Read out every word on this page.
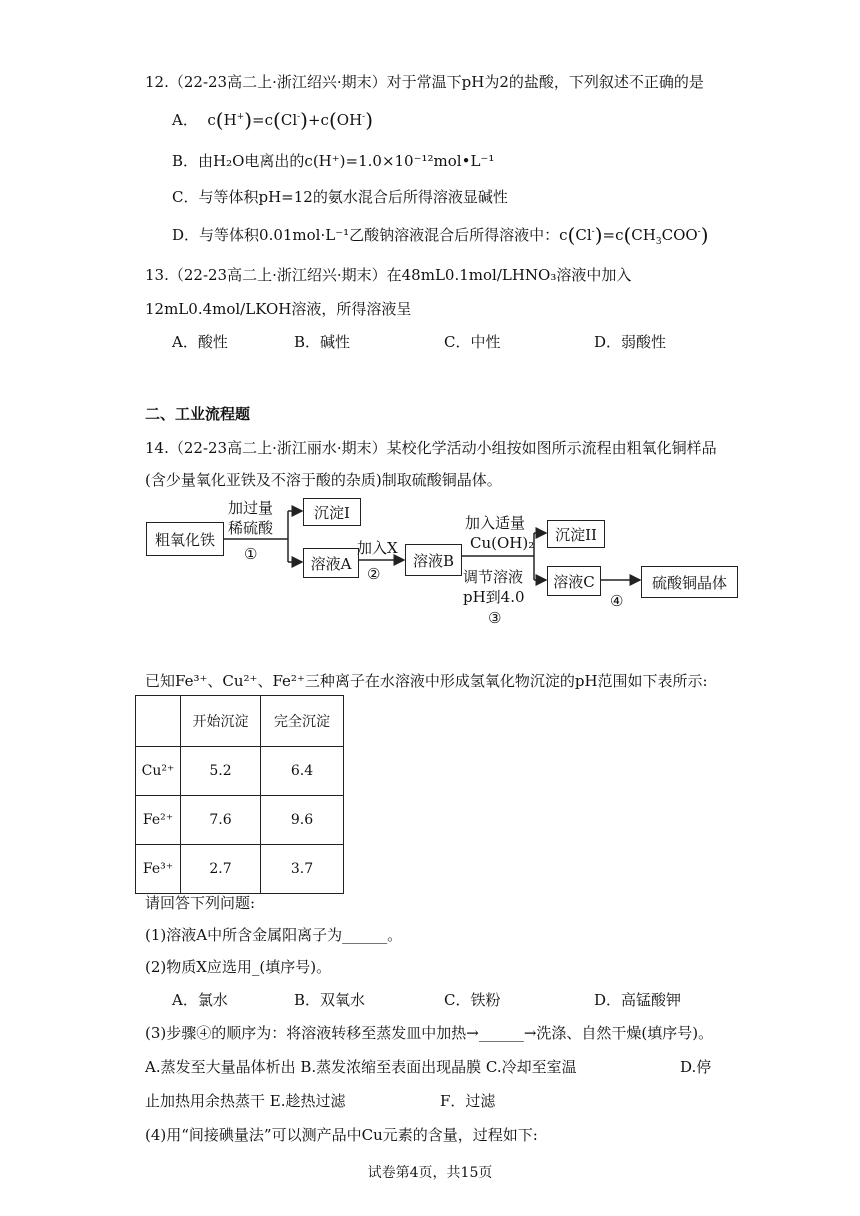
12.（22-23高二上·浙江绍兴·期末）对于常温下pH为2的盐酸，下列叙述不正确的是
A．  c(H+)=c(Cl-)+c(OH-)
B．由H₂O电离出的c(H⁺)=1.0×10⁻¹²mol•L⁻¹
C．与等体积pH=12的氨水混合后所得溶液显碱性
D．与等体积0.01mol·L⁻¹乙酸钠溶液混合后所得溶液中：$c(Cl^-)=c(CH_3COO^-)$
13.（22-23高二上·浙江绍兴·期末）在48mL0.1mol/LHNO₃溶液中加入
12mL0.4mol/LKOH溶液，所得溶液呈
A．酸性	B．碱性	C．中性	D．弱酸性
二、工业流程题
14.（22-23高二上·浙江丽水·期末）某校化学活动小组按如图所示流程由粗氧化铜样品
(含少量氧化亚铁及不溶于酸的杂质)制取硫酸铜晶体。
粗氧化铁
加过量
稀硫酸
①
沉淀I
溶液A
加入X
②
溶液B
加入适量
Cu(OH)₂
调节溶液
pH到4.0
③
沉淀II
溶液C
④
硫酸铜晶体
已知Fe³⁺、Cu²⁺、Fe²⁺三种离子在水溶液中形成氢氧化物沉淀的pH范围如下表所示:
	开始沉淀	完全沉淀
Cu²⁺	5.2	6.4
Fe²⁺	7.6	9.6
Fe³⁺	2.7	3.7
请回答下列问题:
(1)溶液A中所含金属阳离子为______。
(2)物质X应选用_(填序号)。
A．氯水	B．双氧水	C．铁粉	D．高锰酸钾
(3)步骤④的顺序为：将溶液转移至蒸发皿中加热→______→洗涤、自然干燥(填序号)。
A.蒸发至大量晶体析出 B.蒸发浓缩至表面出现晶膜 C.冷却至室温	D.停
止加热用余热蒸干 E.趁热过滤	F．过滤
(4)用“间接碘量法”可以测产品中Cu元素的含量，过程如下:
试卷第4页，共15页
